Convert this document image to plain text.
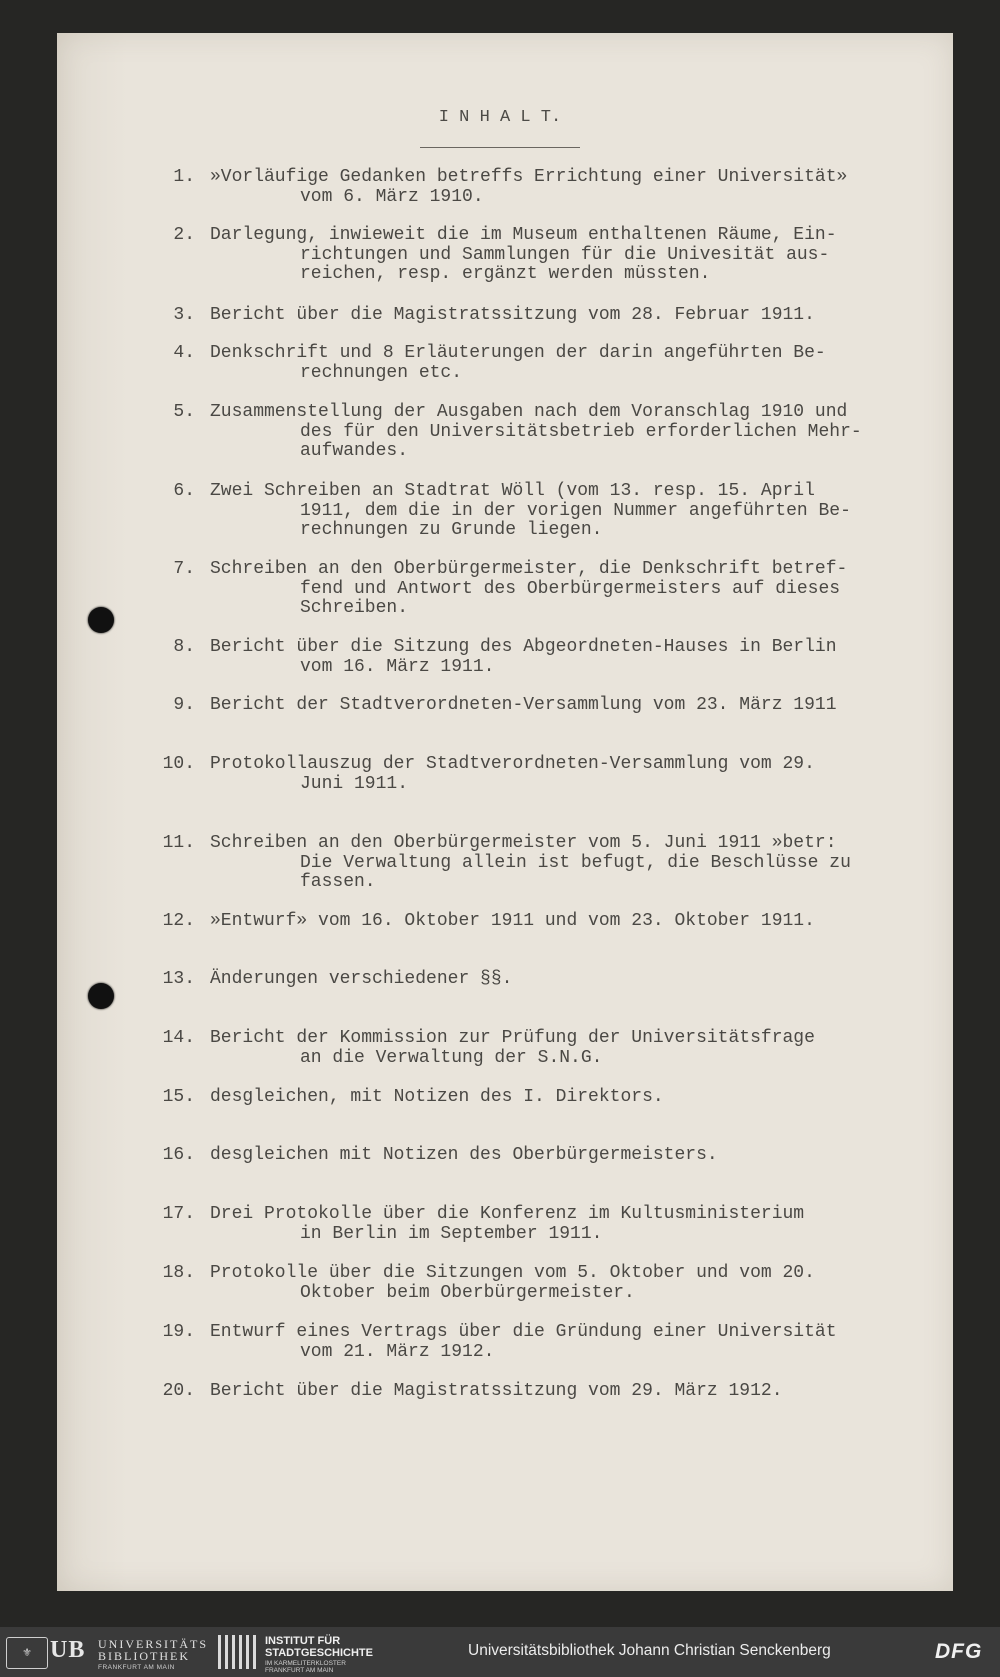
I N H A L T.
1. »Vorläufige Gedanken betreffs Errichtung einer Universität»
vom 6. März 1910.
2. Darlegung, inwieweit die im Museum enthaltenen Räume, Ein-
richtungen und Sammlungen für die Univesität aus-
reichen, resp. ergänzt werden müssten.
3. Bericht über die Magistratssitzung vom 28. Februar 1911.
4. Denkschrift und 8 Erläuterungen der darin angeführten Be-
rechnungen etc.
5. Zusammenstellung der Ausgaben nach dem Voranschlag 1910 und
des für den Universitätsbetrieb erforderlichen Mehr-
aufwandes.
6. Zwei Schreiben an Stadtrat Wöll (vom 13. resp. 15. April
1911, dem die in der vorigen Nummer angeführten Be-
rechnungen zu Grunde liegen.
7. Schreiben an den Oberbürgermeister, die Denkschrift betref-
fend und Antwort des Oberbürgermeisters auf dieses
Schreiben.
8. Bericht über die Sitzung des Abgeordneten-Hauses in Berlin
vom 16. März 1911.
9. Bericht der Stadtverordneten-Versammlung vom 23. März 1911
10. Protokollauszug der Stadtverordneten-Versammlung vom 29.
Juni 1911.
11. Schreiben an den Oberbürgermeister vom 5. Juni 1911 »betr:
Die Verwaltung allein ist befugt, die Beschlüsse zu
fassen.
12. »Entwurf» vom 16. Oktober 1911 und vom 23. Oktober 1911.
13. Änderungen verschiedener §§.
14. Bericht der Kommission zur Prüfung der Universitätsfrage
an die Verwaltung der S.N.G.
15. desgleichen, mit Notizen des I. Direktors.
16. desgleichen mit Notizen des Oberbürgermeisters.
17. Drei Protokolle über die Konferenz im Kultusministerium
in Berlin im September 1911.
18. Protokolle über die Sitzungen vom 5. Oktober und vom 20.
Oktober beim Oberbürgermeister.
19. Entwurf eines Vertrags über die Gründung einer Universität
vom 21. März 1912.
20. Bericht über die Magistratssitzung vom 29. März 1912.
⚜ UB UNIVERSITÄTS
BIBLIOTHEK
FRANKFURT AM MAIN
INSTITUT FÜR
STADTGESCHICHTE
IM KARMELITERKLOSTER
FRANKFURT AM MAIN
Universitätsbibliothek Johann Christian Senckenberg	DFG
